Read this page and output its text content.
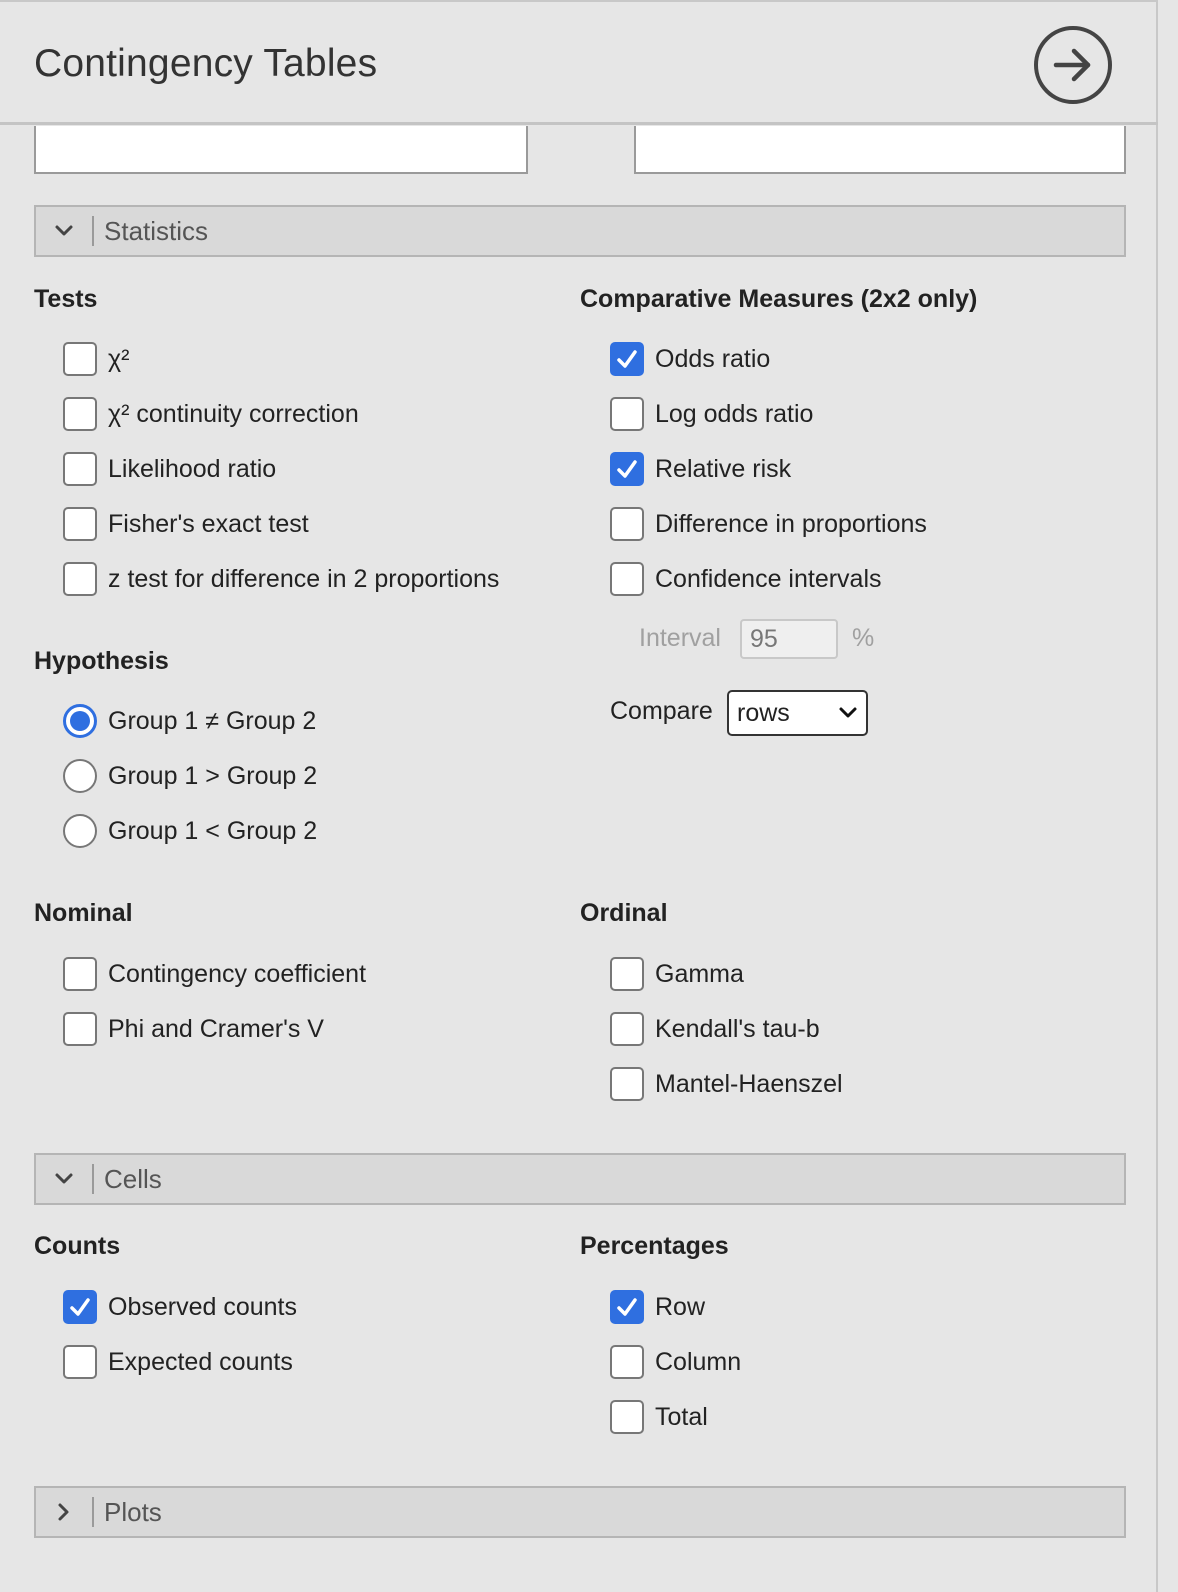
Contingency Tables
Statistics
Tests
χ²
χ² continuity correction
Likelihood ratio
Fisher's exact test
z test for difference in 2 proportions
Hypothesis
Group 1 ≠ Group 2
Group 1 > Group 2
Group 1 < Group 2
Comparative Measures (2x2 only)
Odds ratio
Log odds ratio
Relative risk
Difference in proportions
Confidence intervals
Interval	95	%
Compare rows
Nominal
Contingency coefficient
Phi and Cramer's V
Ordinal
Gamma
Kendall's tau-b
Mantel-Haenszel
Cells
Counts
Observed counts
Expected counts
Percentages
Row
Column
Total
Plots
